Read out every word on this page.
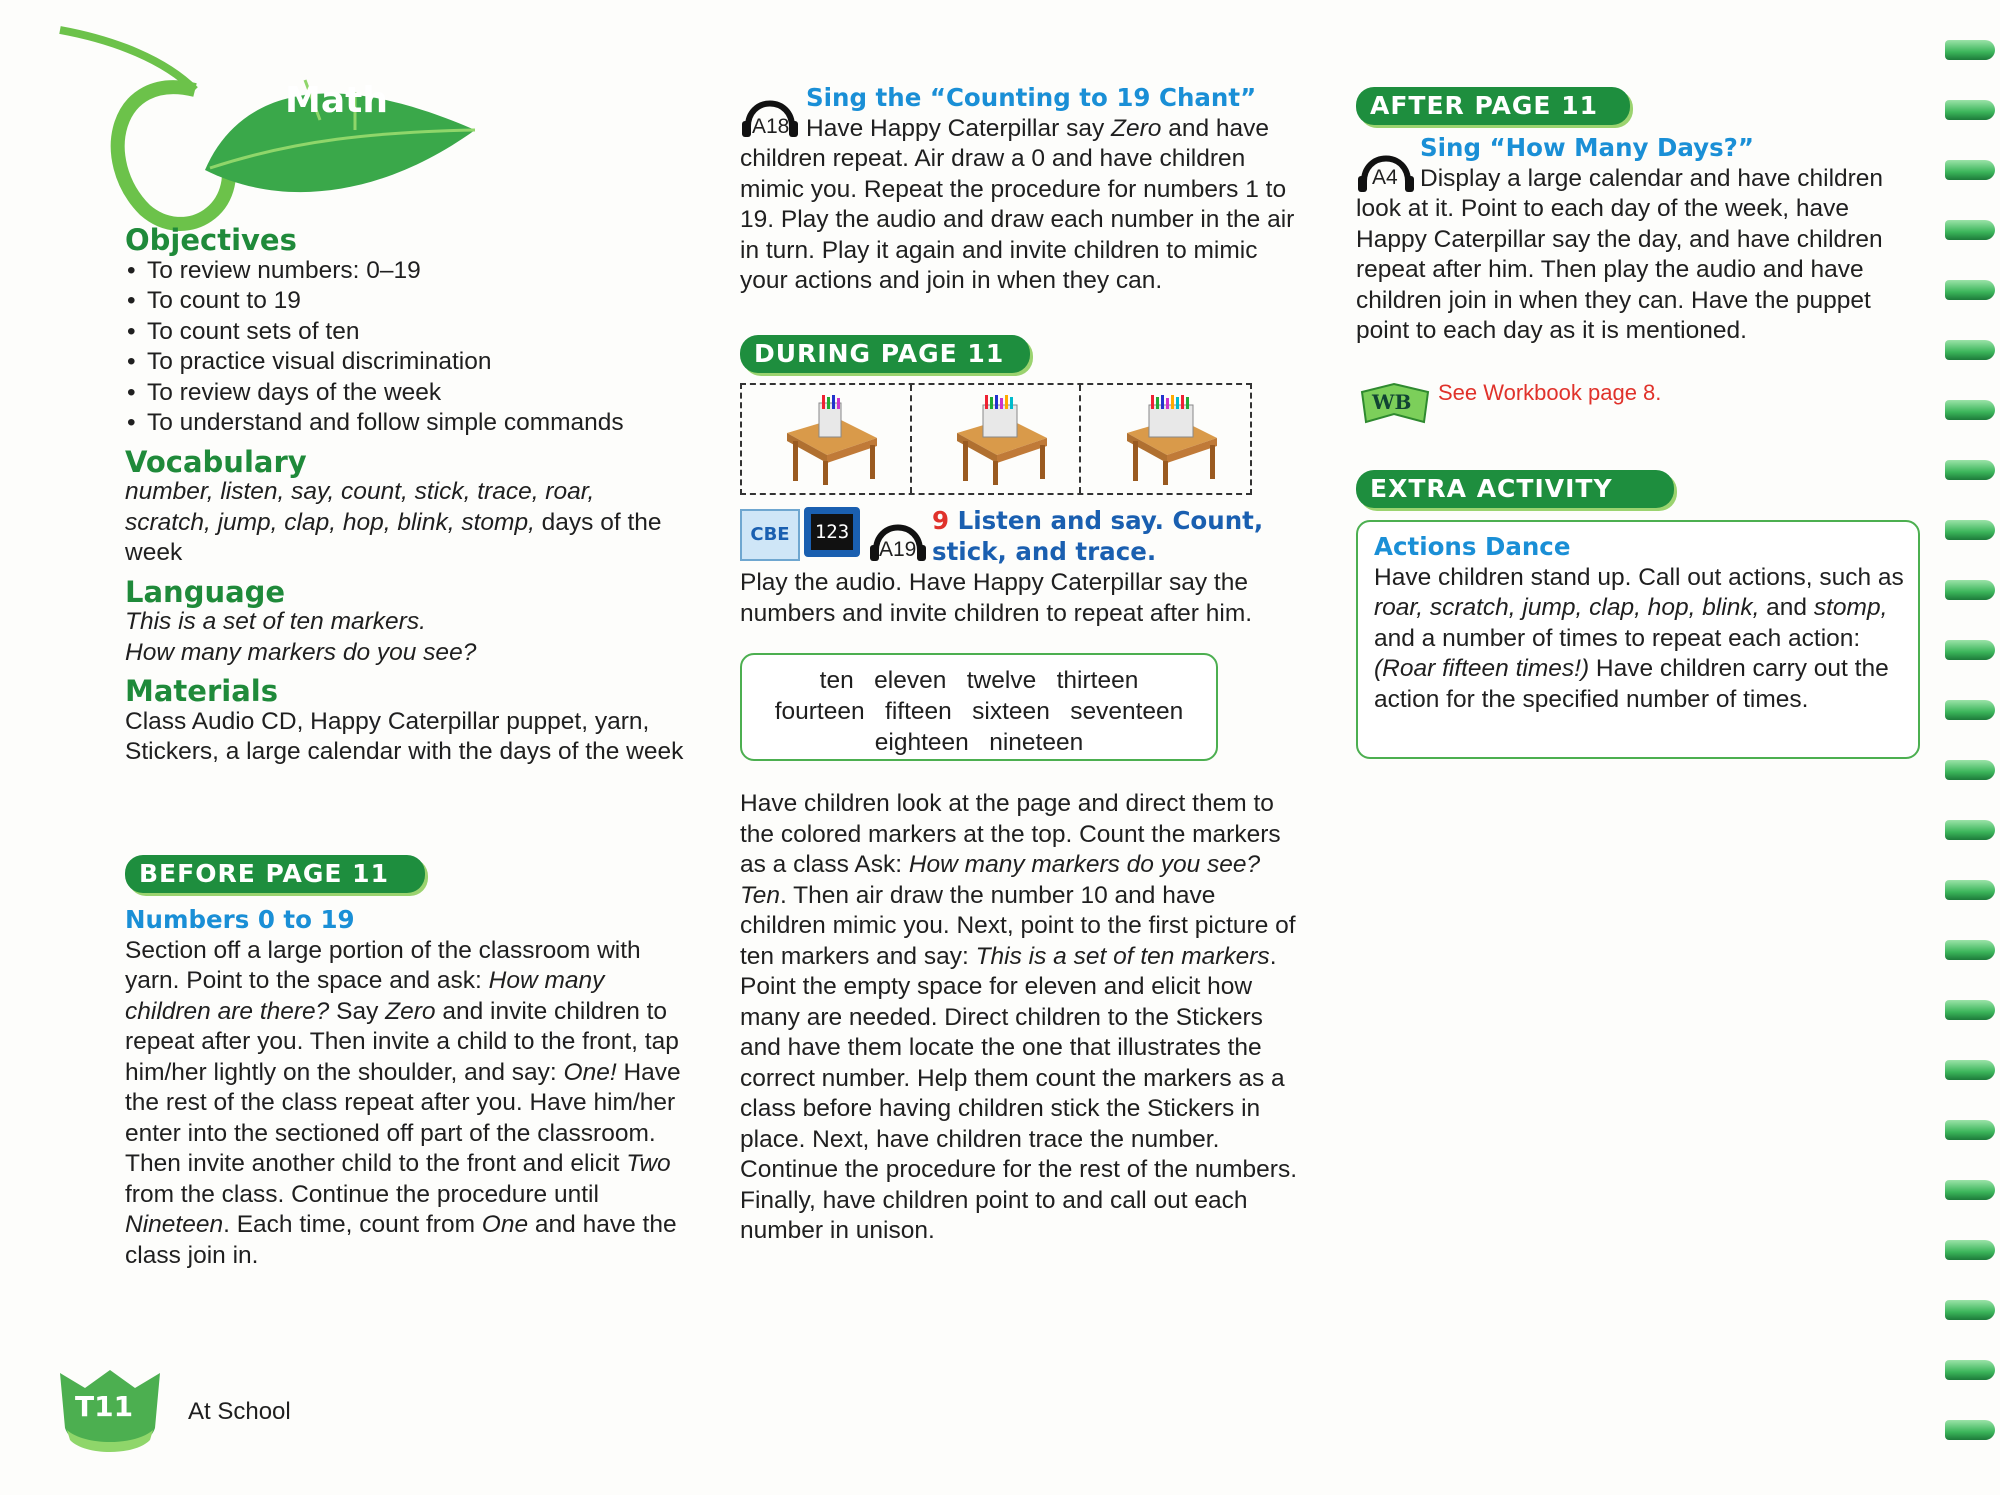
Math
Objectives
• To review numbers: 0–19
• To count to 19
• To count sets of ten
• To practice visual discrimination
• To review days of the week
• To understand and follow simple commands
Vocabulary

number, listen, say, count, stick, trace, roar, scratch, jump, clap, hop, blink, stomp, days of the week

Language

This is a set of ten markers.

How many markers do you see?

Materials

Class Audio CD, Happy Caterpillar puppet, yarn, Stickers, a large calendar with the days of the week

BEFORE PAGE 11
Numbers 0 to 19

Section off a large portion of the classroom with yarn. Point to the space and ask: How many children are there? Say Zero and invite children to repeat after you. Then invite a child to the front, tap him/her lightly on the shoulder, and say: One! Have the rest of the class repeat after you. Have him/her enter into the sectioned off part of the classroom. Then invite another child to the front and elicit Two from the class. Continue the procedure until Nineteen. Each time, count from One and have the class join in.

A18
Sing the “Counting to 19 Chant”

Have Happy Caterpillar say Zero and have children repeat. Air draw a 0 and have children mimic you. Repeat the procedure for numbers 1 to 19. Play the audio and draw each number in the air in turn. Play it again and invite children to mimic your actions and join in when they can.

DURING PAGE 11
CBE	123
A19
9 Listen and say. Count,
stick, and trace.
Play the audio. Have Happy Caterpillar say the numbers and invite children to repeat after him.
ten   eleven   twelve   thirteen
fourteen   fifteen   sixteen   seventeen
eighteen   nineteen

Have children look at the page and direct them to the colored markers at the top. Count the markers as a class Ask: How many markers do you see? Ten. Then air draw the number 10 and have children mimic you. Next, point to the first picture of ten markers and say: This is a set of ten markers. Point the empty space for eleven and elicit how many are needed. Direct children to the Stickers and have them locate the one that illustrates the correct number. Help them count the markers as a class before having children stick the Stickers in place. Next, have children trace the number. Continue the procedure for the rest of the numbers. Finally, have children point to and call out each number in unison.

AFTER PAGE 11
A4
Sing “How Many Days?”

Display a large calendar and have children look at it. Point to each day of the week, have Happy Caterpillar say the day, and have children repeat after him. Then play the audio and have children join in when they can. Have the puppet point to each day as it is mentioned.

WB See Workbook page 8.
EXTRA ACTIVITY
Actions Dance

Have children stand up. Call out actions, such as roar, scratch, jump, clap, hop, blink, and stomp, and a number of times to repeat each action: (Roar fifteen times!) Have children carry out the action for the specified number of times.

T11 At School
